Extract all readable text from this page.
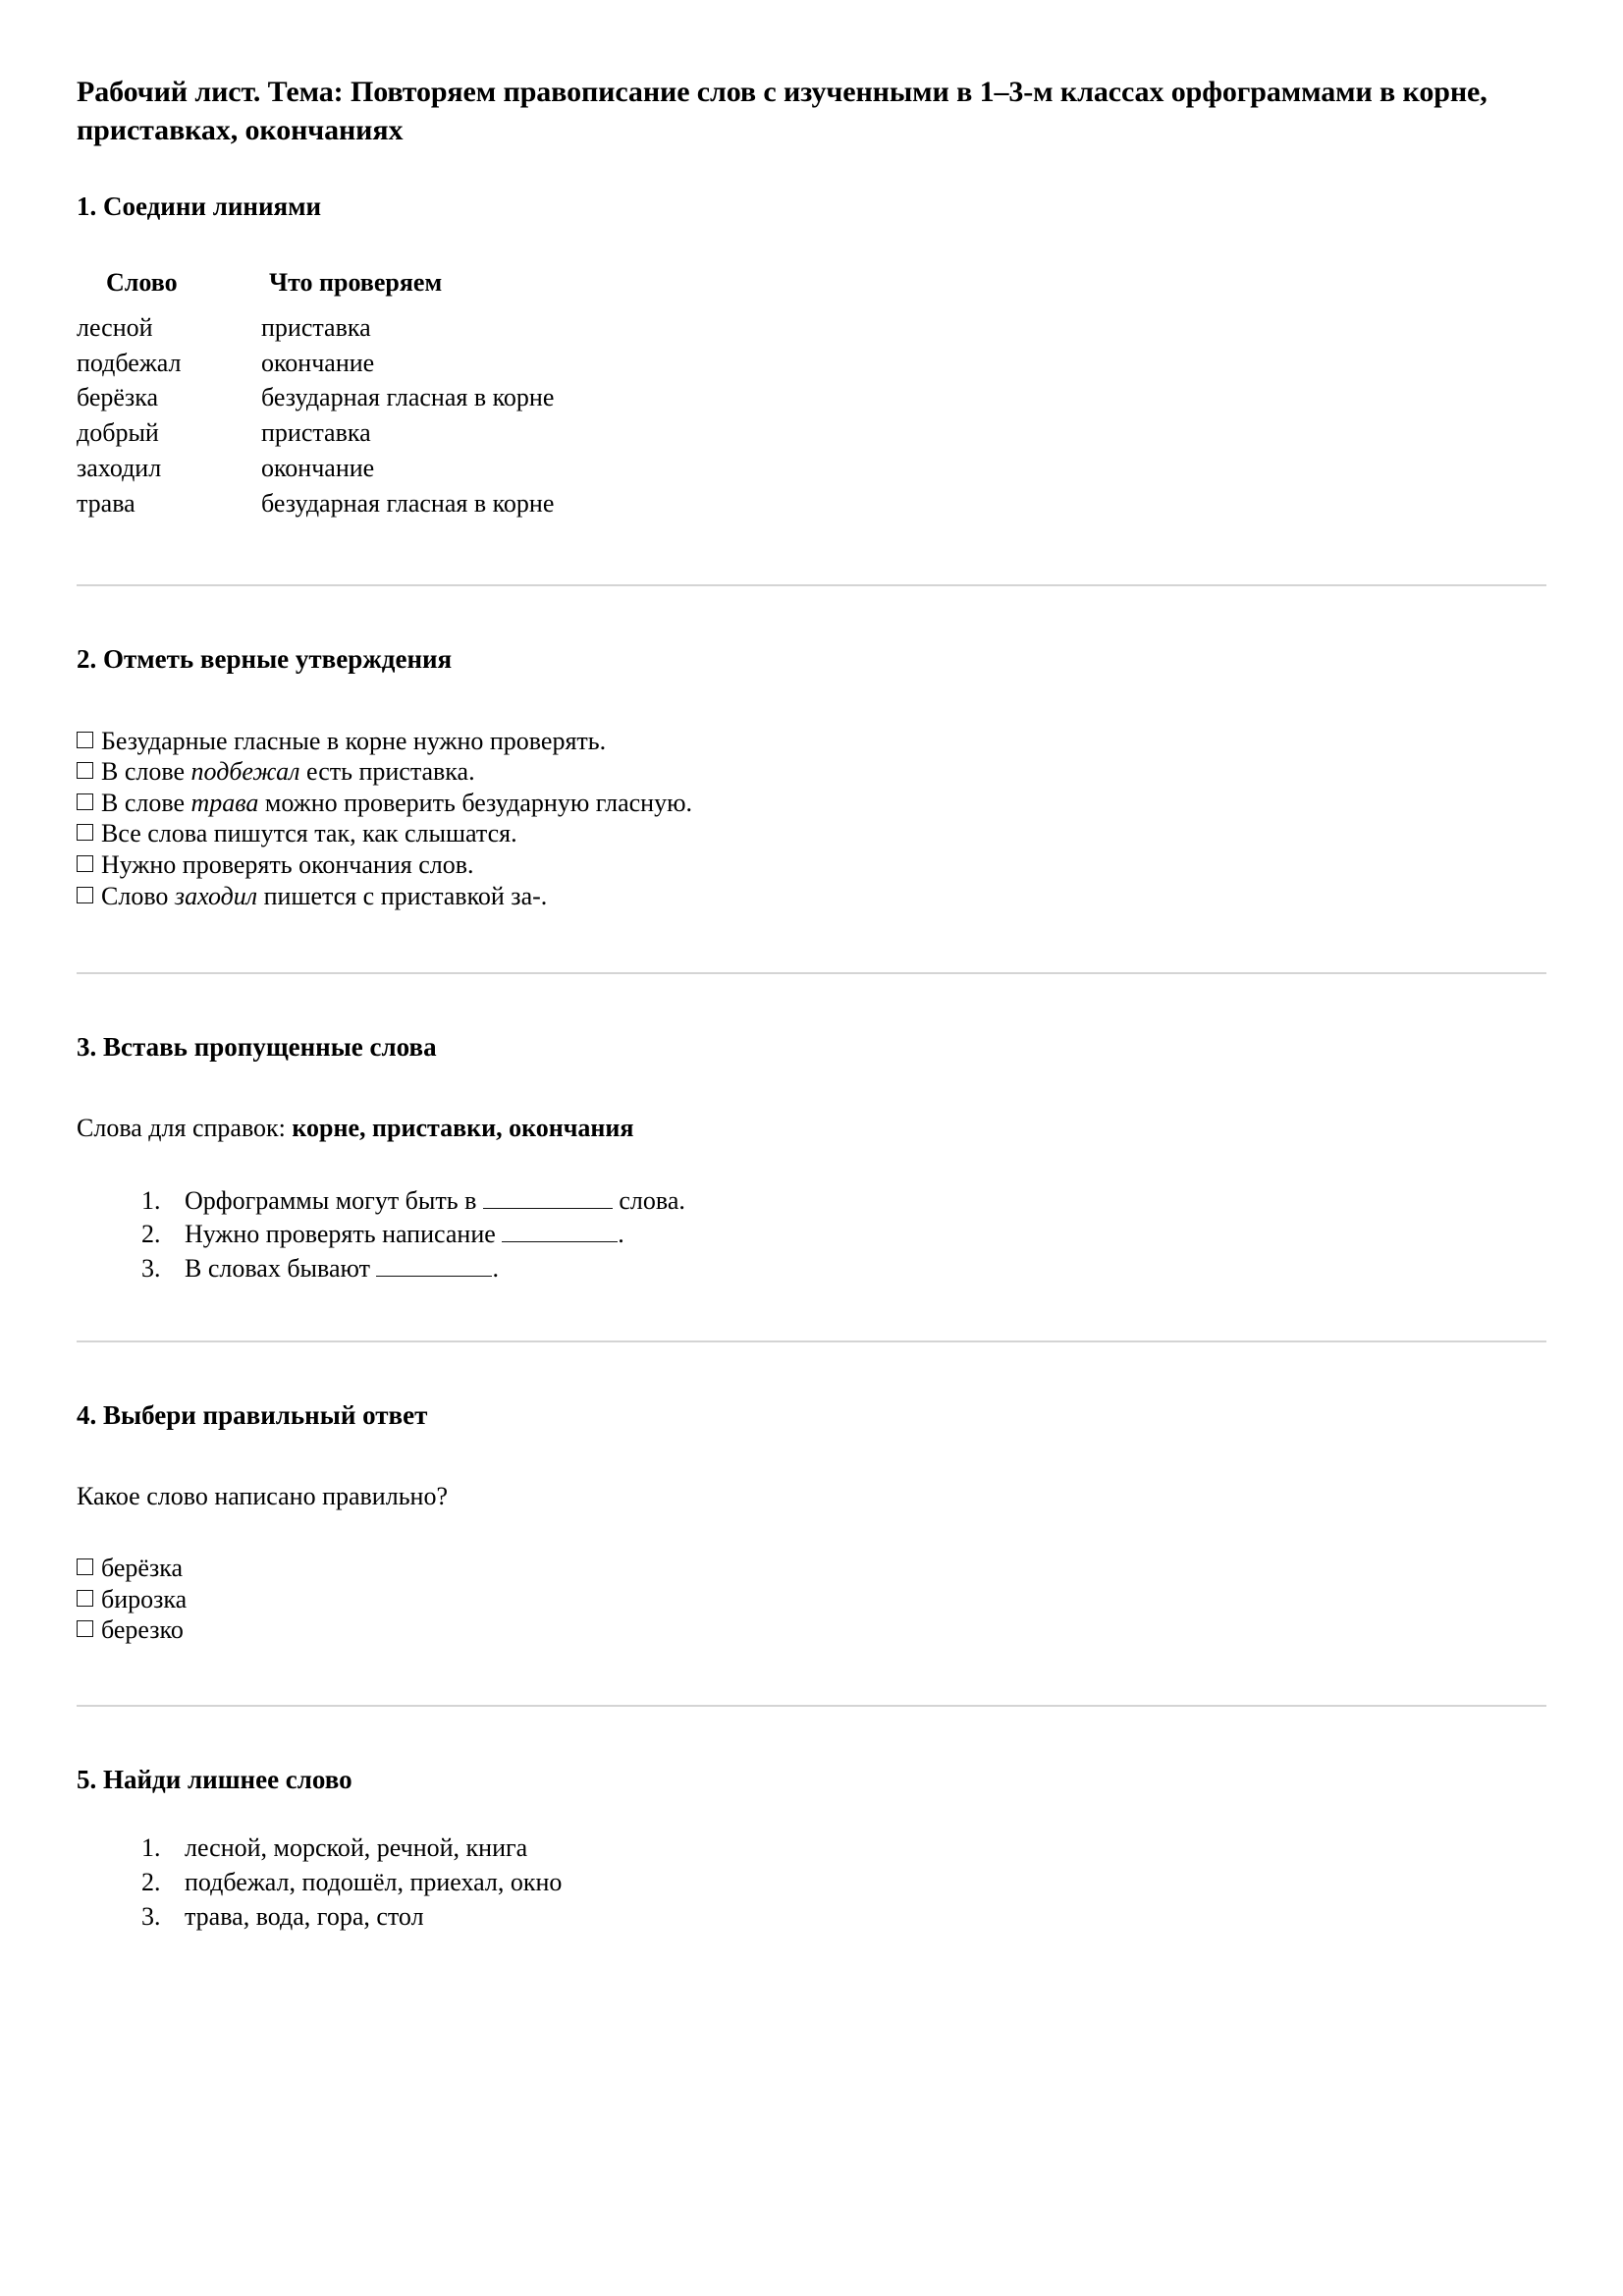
Рабочий лист. Тема: Повторяем правописание слов с изученными в 1–3-м классах орфограммами в корне, приставках, окончаниях
1. Соедини линиями
Слово	Что проверяем
лесной	приставка
подбежал	окончание
берёзка	безударная гласная в корне
добрый	приставка
заходил	окончание
трава	безударная гласная в корне
2. Отметь верные утверждения
Безударные гласные в корне нужно проверять.
В слове подбежал есть приставка.
В слове трава можно проверить безударную гласную.
Все слова пишутся так, как слышатся.
Нужно проверять окончания слов.
Слово заходил пишется с приставкой за-.
3. Вставь пропущенные слова

Слова для справок: корне, приставки, окончания

1. Орфограммы могут быть в	слова.
2. Нужно проверять написание	.
3. В словах бывают	.
4. Выбери правильный ответ

Какое слово написано правильно?

берёзка
бирозка
березко
5. Найди лишнее слово
1. лесной, морской, речной, книга
2. подбежал, подошёл, приехал, окно
3. трава, вода, гора, стол
